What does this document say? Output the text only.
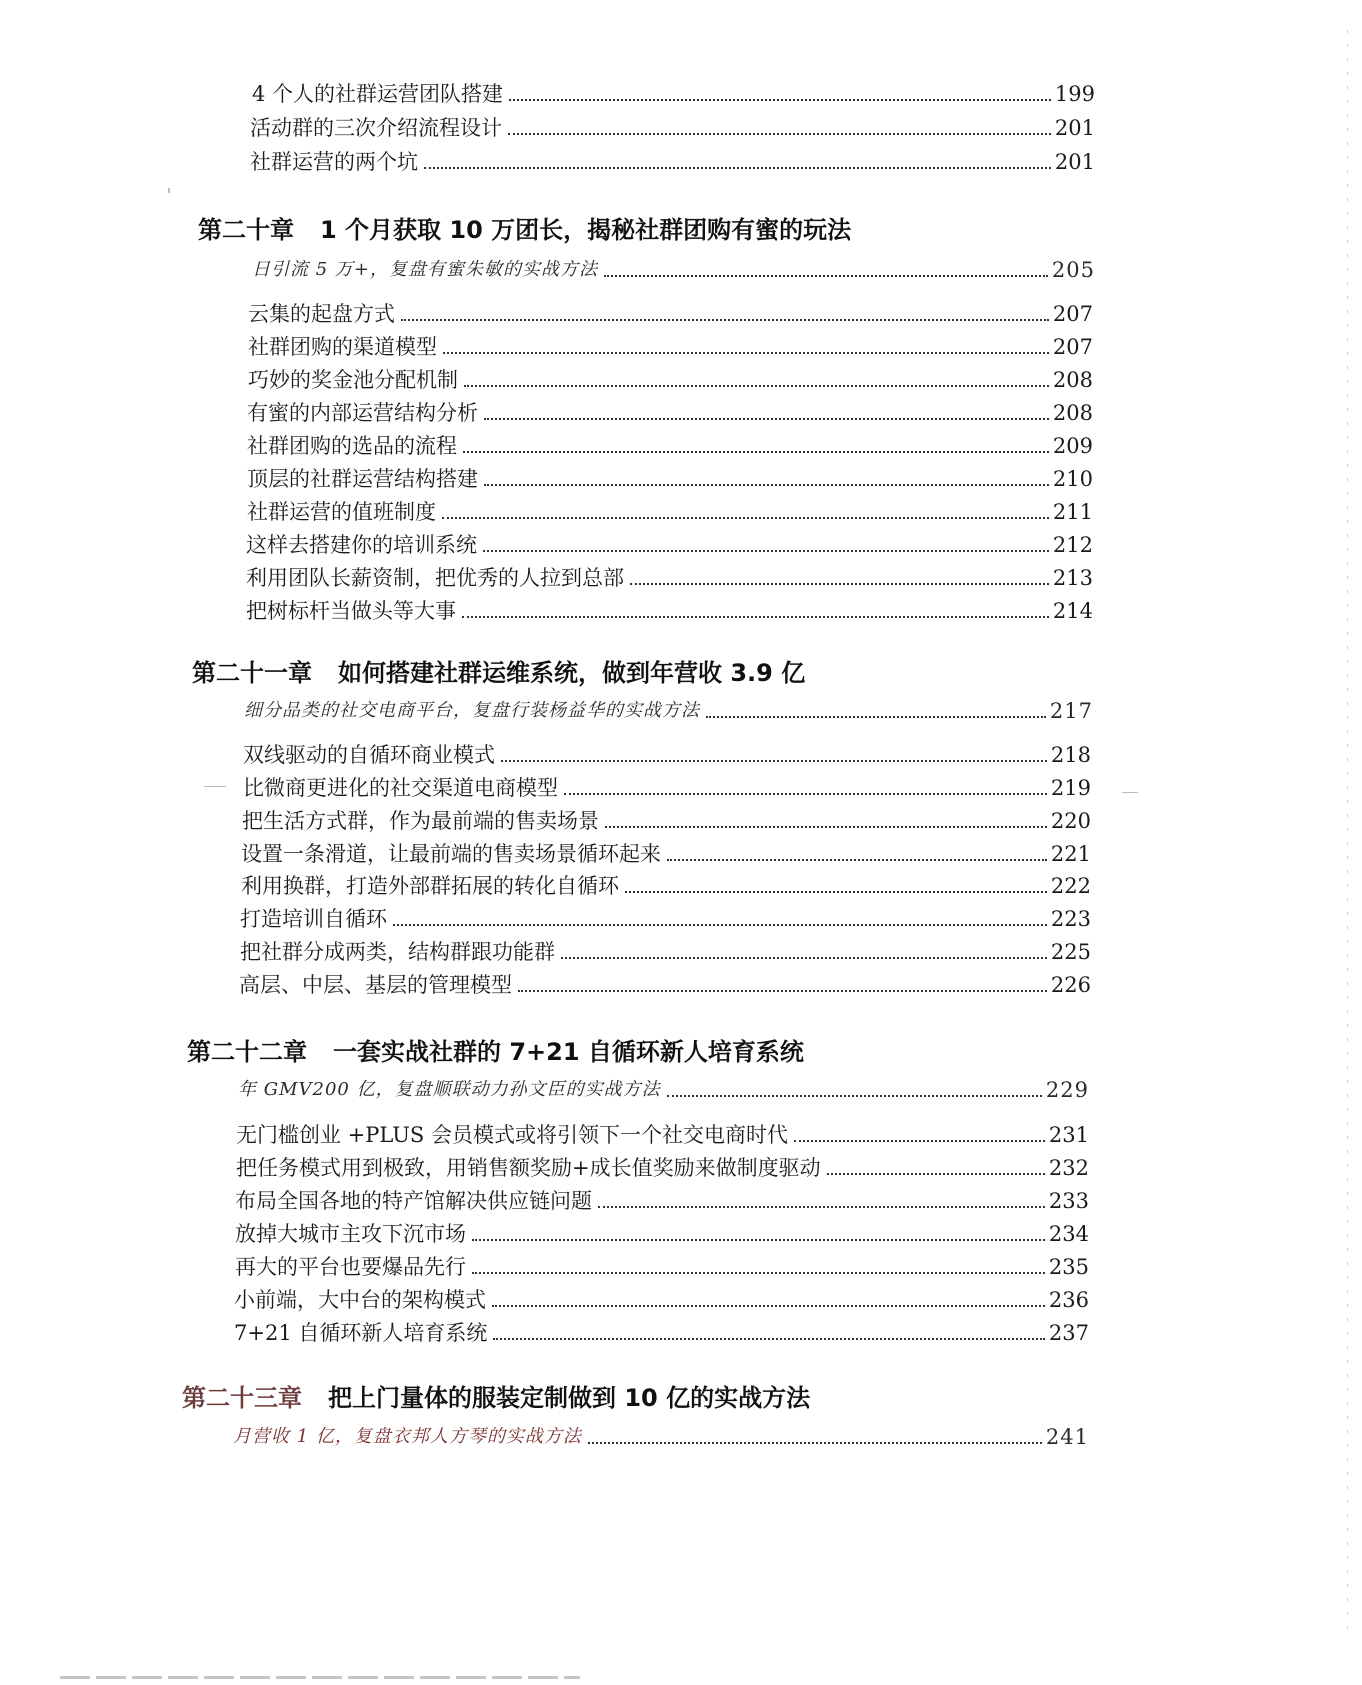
4 个人的社群运营团队搭建	199
活动群的三次介绍流程设计	201
社群运营的两个坑	201
第二十章 1 个月获取 10 万团长，揭秘社群团购有蜜的玩法
日引流 5 万+，复盘有蜜朱敏的实战方法	205
云集的起盘方式	207
社群团购的渠道模型	207
巧妙的奖金池分配机制	208
有蜜的内部运营结构分析	208
社群团购的选品的流程	209
顶层的社群运营结构搭建	210
社群运营的值班制度	211
这样去搭建你的培训系统	212
利用团队长薪资制，把优秀的人拉到总部	213
把树标杆当做头等大事	214
第二十一章 如何搭建社群运维系统，做到年营收 3.9 亿
细分品类的社交电商平台，复盘行装杨益华的实战方法	217
双线驱动的自循环商业模式	218
比微商更进化的社交渠道电商模型	219
把生活方式群，作为最前端的售卖场景	220
设置一条滑道，让最前端的售卖场景循环起来	221
利用换群，打造外部群拓展的转化自循环	222
打造培训自循环	223
把社群分成两类，结构群跟功能群	225
高层、中层、基层的管理模型	226
第二十二章 一套实战社群的 7+21 自循环新人培育系统
年 GMV200 亿，复盘顺联动力孙文臣的实战方法	229
无门槛创业 +PLUS 会员模式或将引领下一个社交电商时代	231
把任务模式用到极致，用销售额奖励+成长值奖励来做制度驱动	232
布局全国各地的特产馆解决供应链问题	233
放掉大城市主攻下沉市场	234
再大的平台也要爆品先行	235
小前端，大中台的架构模式	236
7+21 自循环新人培育系统	237
第二十三章 把上门量体的服装定制做到 10 亿的实战方法
月营收 1 亿，复盘衣邦人方琴的实战方法	241
